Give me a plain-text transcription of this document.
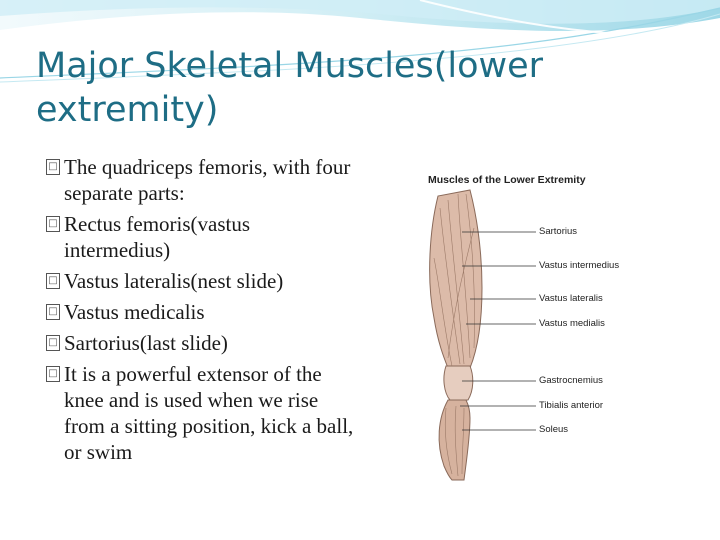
Major Skeletal Muscles(lower extremity)
□ The quadriceps femoris, with four separate parts:
□ Rectus femoris(vastus intermedius)
□ Vastus lateralis(nest slide)
□ Vastus medicalis
□ Sartorius(last slide)
□ It is a powerful extensor of the knee and is used when we rise from a sitting position, kick a ball, or swim
Muscles of the Lower Extremity
Sartorius
Vastus intermedius
Vastus lateralis
Vastus medialis
Gastrocnemius
Tibialis anterior
Soleus
